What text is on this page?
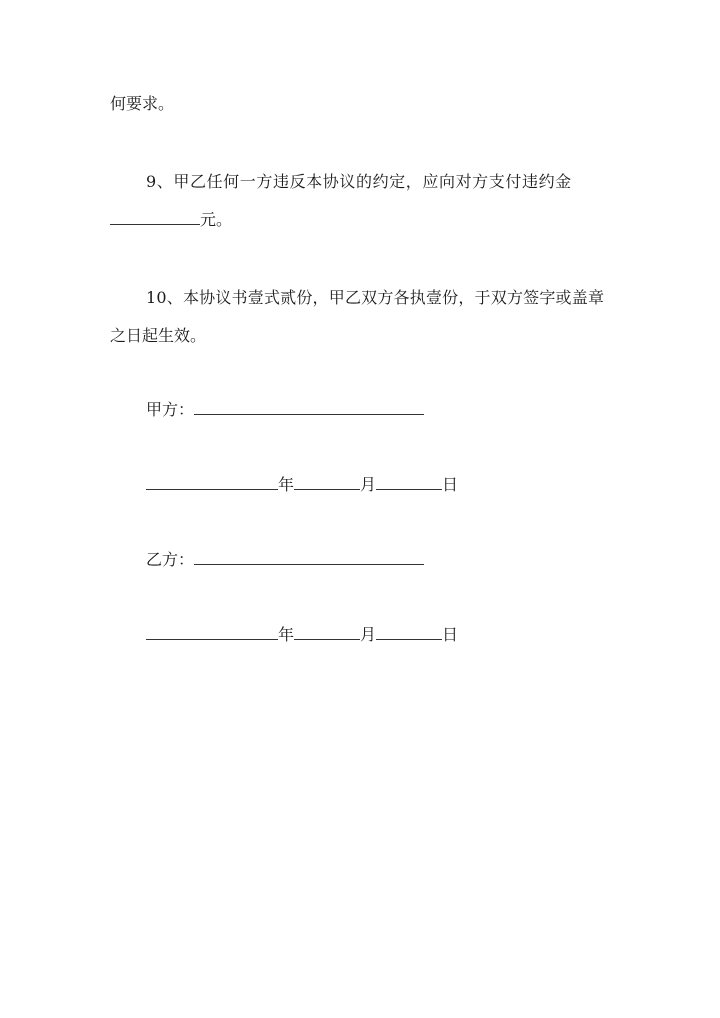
何要求。
9、甲乙任何一方违反本协议的约定，应向对方支付违约金
元。
10、本协议书壹式贰份，甲乙双方各执壹份，于双方签字或盖章
之日起生效。
甲方：
年	月	日
乙方：
年	月	日
